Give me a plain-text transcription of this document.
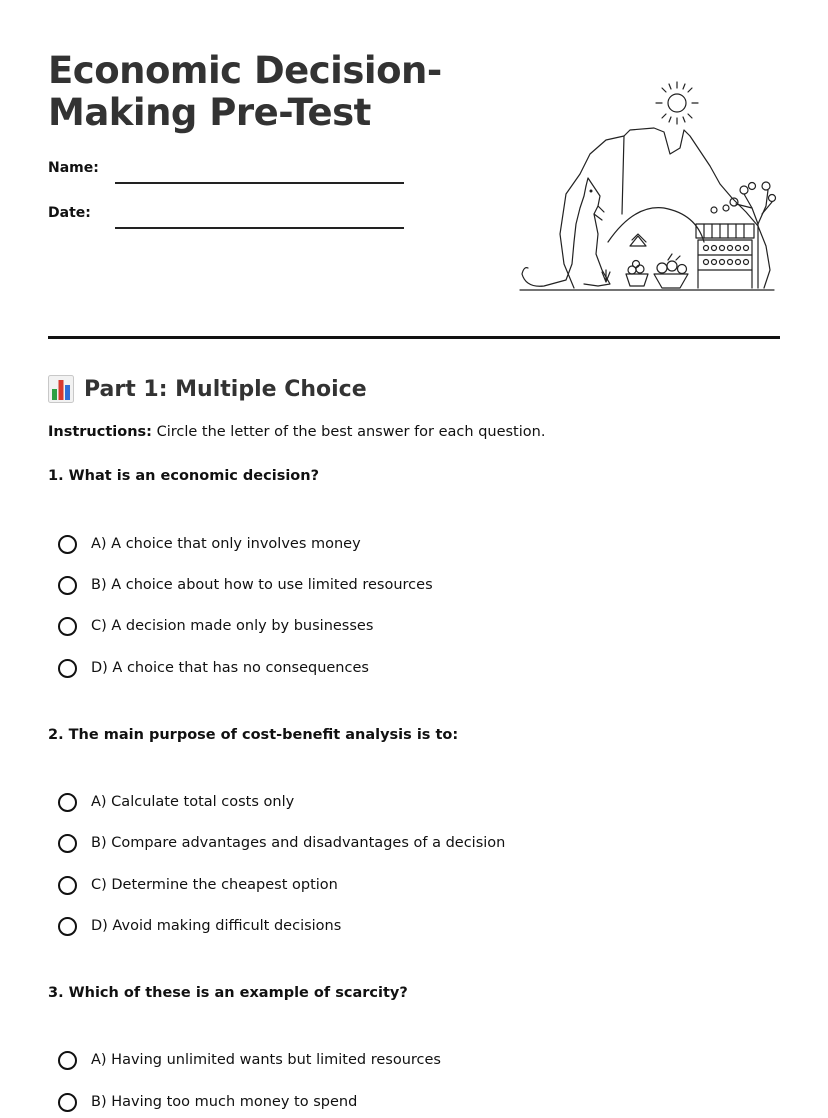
Economic Decision-Making Pre-Test
Name:
Date:
Part 1: Multiple Choice
Instructions: Circle the letter of the best answer for each question.
1. What is an economic decision?
A) A choice that only involves money
B) A choice about how to use limited resources
C) A decision made only by businesses
D) A choice that has no consequences
2. The main purpose of cost-benefit analysis is to:
A) Calculate total costs only
B) Compare advantages and disadvantages of a decision
C) Determine the cheapest option
D) Avoid making difficult decisions
3. Which of these is an example of scarcity?
A) Having unlimited wants but limited resources
B) Having too much money to spend
